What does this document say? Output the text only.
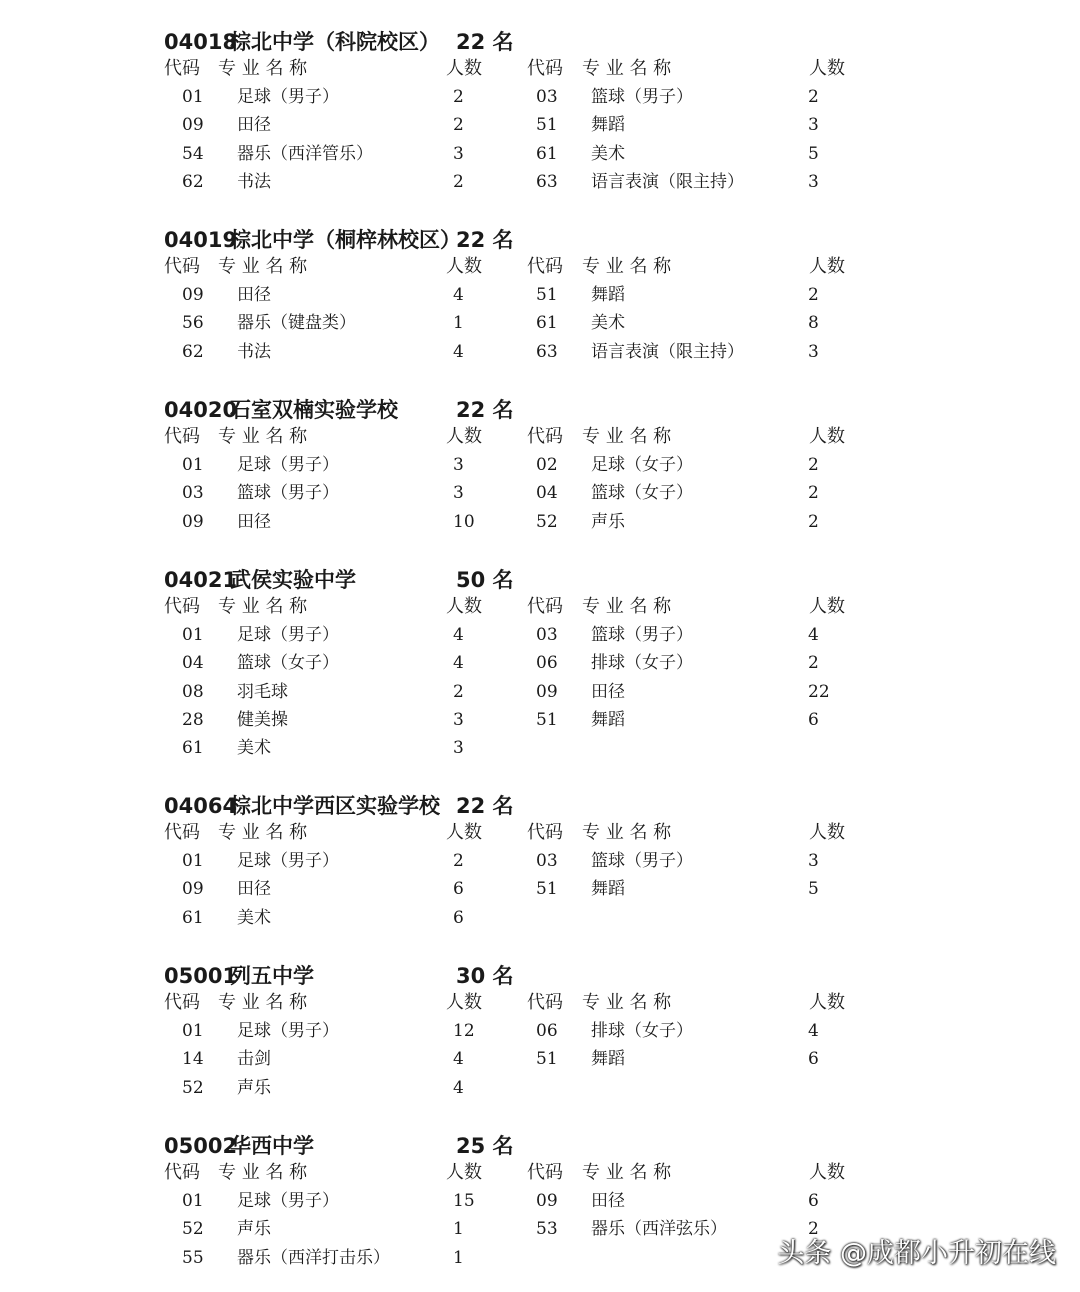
04018
棕北中学（科院校区） 22 名
代码 专 业 名 称	人数	代码 专 业 名 称	人数
01 足球（男子）	2	03 篮球（男子）	2
09 田径	2	51 舞蹈	3
54 器乐（西洋管乐）	3	61 美术	5
62 书法	2	63 语言表演（限主持）	3
04019
棕北中学（桐梓林校区）
22 名
代码 专 业 名 称	人数	代码 专 业 名 称	人数
09 田径	4	51 舞蹈	2
56 器乐（键盘类）	1	61 美术	8
62 书法	4	63 语言表演（限主持）	3
04020
石室双楠实验学校	22 名
代码 专 业 名 称	人数	代码 专 业 名 称	人数
01 足球（男子）	3	02 足球（女子）	2
03 篮球（男子）	3	04 篮球（女子）	2
09 田径	10	52 声乐	2
04021
武侯实验中学	50 名
代码 专 业 名 称	人数	代码 专 业 名 称	人数
01 足球（男子）	4	03 篮球（男子）	4
04 篮球（女子）	4	06 排球（女子）	2
08 羽毛球	2	09 田径	22
28 健美操	3	51 舞蹈	6
61 美术	3
04064
棕北中学西区实验学校 22 名
代码 专 业 名 称	人数	代码 专 业 名 称	人数
01 足球（男子）	2	03 篮球（男子）	3
09 田径	6	51 舞蹈	5
61 美术	6
05001
列五中学	30 名
代码 专 业 名 称	人数	代码 专 业 名 称	人数
01 足球（男子）	12	06 排球（女子）	4
14 击剑	4	51 舞蹈	6
52 声乐	4
05002
华西中学	25 名
代码 专 业 名 称	人数	代码 专 业 名 称	人数
01 足球（男子）	15	09 田径	6
52 声乐	1	53 器乐（西洋弦乐）	2
55 器乐（西洋打击乐）	1	头条 @成都小升初在线
